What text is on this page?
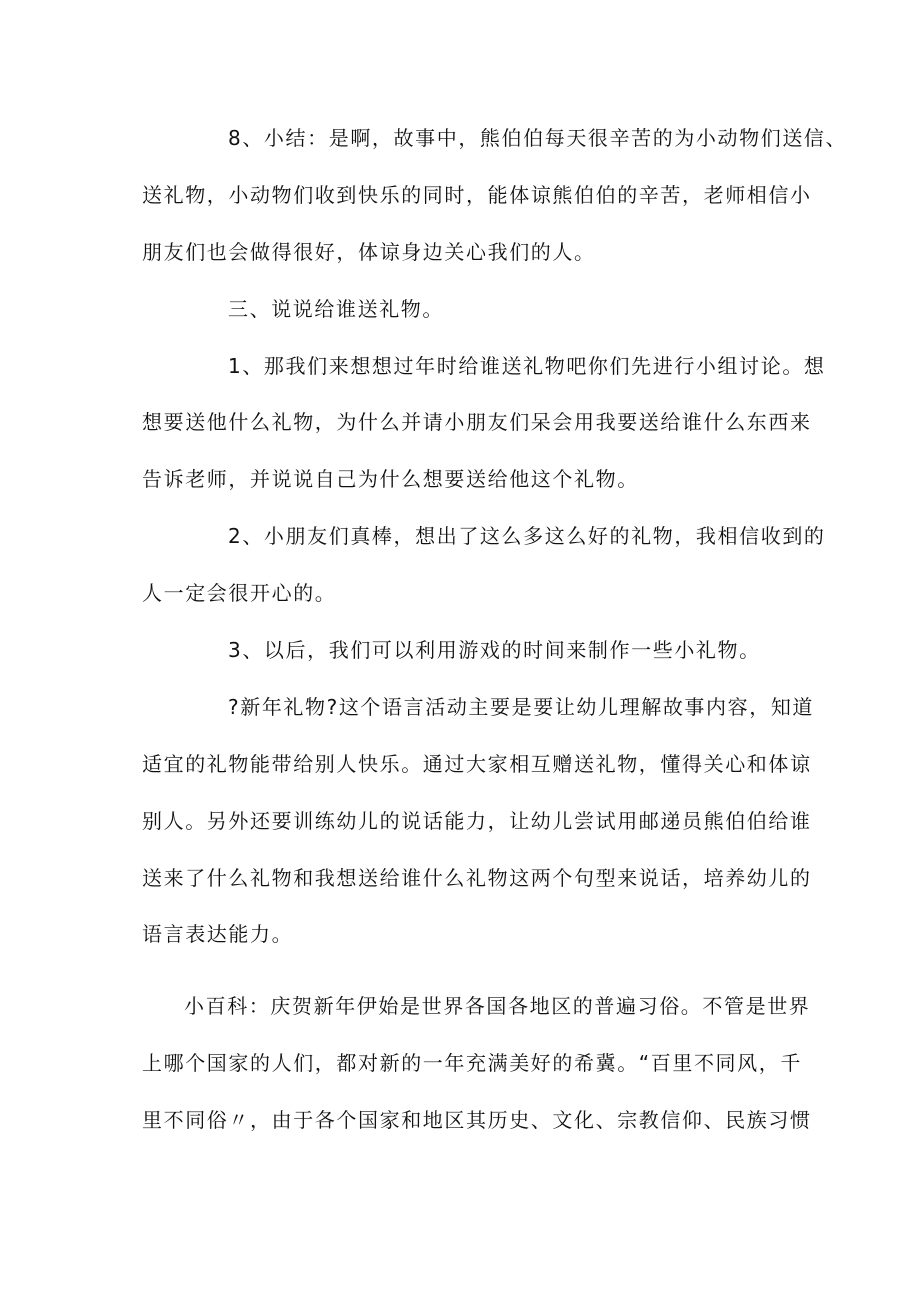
8、小结：是啊，故事中，熊伯伯每天很辛苦的为小动物们送信、
送礼物，小动物们收到快乐的同时，能体谅熊伯伯的辛苦，老师相信小
朋友们也会做得很好，体谅身边关心我们的人。
三、说说给谁送礼物。
1、那我们来想想过年时给谁送礼物吧你们先进行小组讨论。想
想要送他什么礼物，为什么并请小朋友们呆会用我要送给谁什么东西来
告诉老师，并说说自己为什么想要送给他这个礼物。
2、小朋友们真棒，想出了这么多这么好的礼物，我相信收到的
人一定会很开心的。
3、以后，我们可以利用游戏的时间来制作一些小礼物。
?新年礼物?这个语言活动主要是要让幼儿理解故事内容，知道
适宜的礼物能带给别人快乐。通过大家相互赠送礼物，懂得关心和体谅
别人。另外还要训练幼儿的说话能力，让幼儿尝试用邮递员熊伯伯给谁
送来了什么礼物和我想送给谁什么礼物这两个句型来说话，培养幼儿的
语言表达能力。
小百科：庆贺新年伊始是世界各国各地区的普遍习俗。不管是世界
上哪个国家的人们，都对新的一年充满美好的希冀。“百里不同风，千
里不同俗〃，由于各个国家和地区其历史、文化、宗教信仰、民族习惯
